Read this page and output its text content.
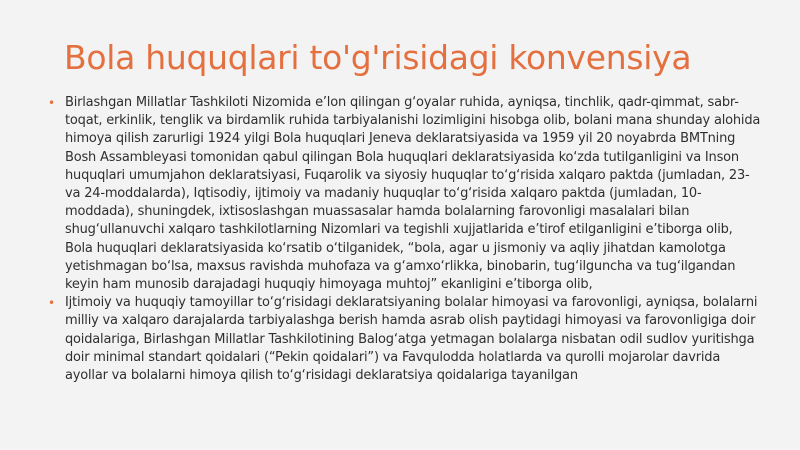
Bola huquqlari to'g'risidagi konvensiya
• Birlashgan Millatlar Tashkiloti Nizomida e’lon qilingan g‘oyalar ruhida, ayniqsa, tinchlik, qadr-qimmat, sabr-toqat, erkinlik, tenglik va birdamlik ruhida tarbiyalanishi lozimligini hisobga olib, bolani mana shunday alohida himoya qilish zarurligi 1924 yilgi Bola huquqlari Jeneva deklaratsiyasida va 1959 yil 20 noyabrda BMTning Bosh Assambleyasi tomonidan qabul qilingan Bola huquqlari deklaratsiyasida ko‘zda tutilganligini va Inson huquqlari umumjahon deklaratsiyasi, Fuqarolik va siyosiy huquqlar to‘g‘risida xalqaro paktda (jumladan, 23- va 24-moddalarda), Iqtisodiy, ijtimoiy va madaniy huquqlar to‘g‘risida xalqaro paktda (jumladan, 10-moddada), shuningdek, ixtisoslashgan muassasalar hamda bolalarning farovonligi masalalari bilan shug‘ullanuvchi xalqaro tashkilotlarning Nizomlari va tegishli xujjatlarida e’tirof etilganligini e’tiborga olib, Bola huquqlari deklaratsiyasida ko‘rsatib o‘tilganidek, “bola, agar u jismoniy va aqliy jihatdan kamolotga yetishmagan bo‘lsa, maxsus ravishda muhofaza va g‘amxo‘rlikka, binobarin, tug‘ilguncha va tug‘ilgandan keyin ham munosib darajadagi huquqiy himoyaga muhtoj” ekanligini e’tiborga olib,
• Ijtimoiy va huquqiy tamoyillar to‘g‘risidagi deklaratsiyaning bolalar himoyasi va farovonligi, ayniqsa, bolalarni milliy va xalqaro darajalarda tarbiyalashga berish hamda asrab olish paytidagi himoyasi va farovonligiga doir qoidalariga, Birlashgan Millatlar Tashkilotining Balog‘atga yetmagan bolalarga nisbatan odil sudlov yuritishga doir minimal standart qoidalari (“Pekin qoidalari”) va Favqulodda holatlarda va qurolli mojarolar davrida ayollar va bolalarni himoya qilish to‘g‘risidagi deklaratsiya qoidalariga tayanilgan
